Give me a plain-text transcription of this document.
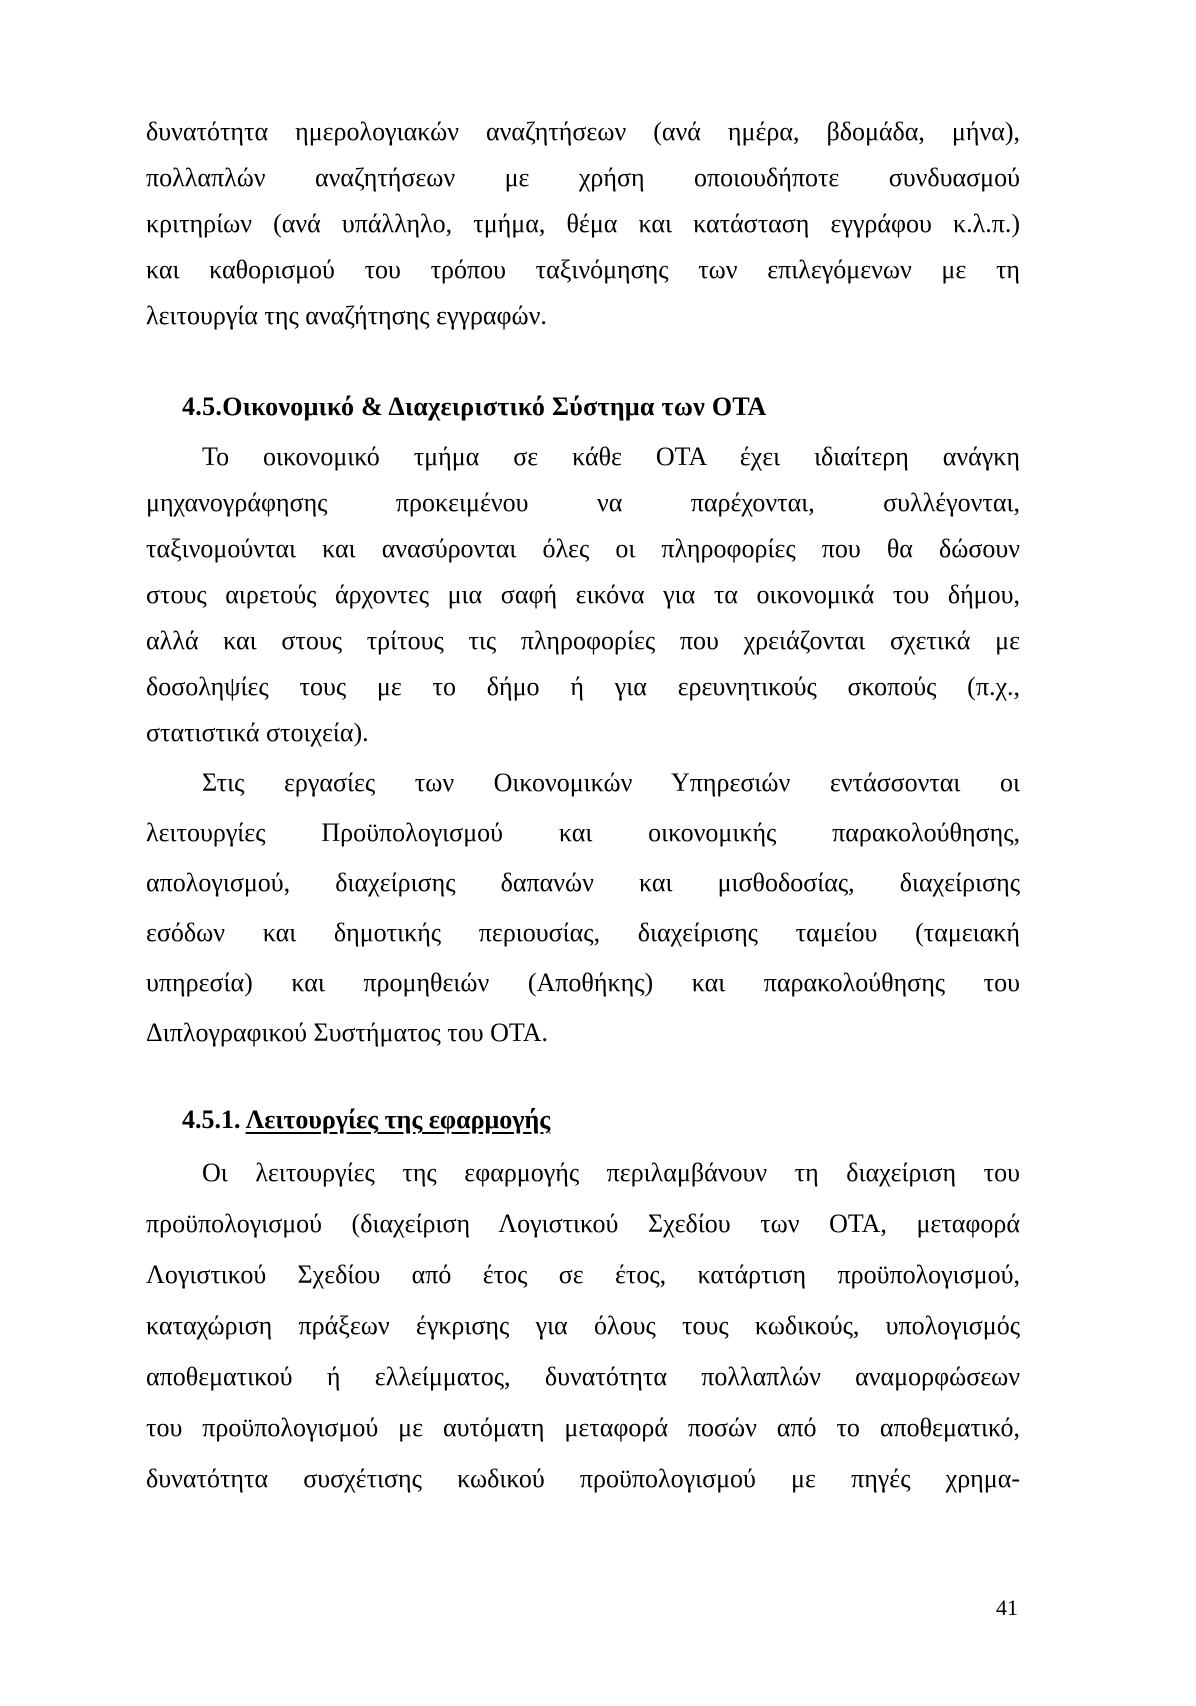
δυνατότητα ημερολογιακών αναζητήσεων (ανά ημέρα, βδομάδα, μήνα),
πολλαπλών αναζητήσεων με χρήση οποιουδήποτε συνδυασμού
κριτηρίων (ανά υπάλληλο, τμήμα, θέμα και κατάσταση εγγράφου κ.λ.π.)
και καθορισμού του τρόπου ταξινόμησης των επιλεγόμενων με τη
λειτουργία της αναζήτησης εγγραφών.
4.5.Οικονομικό & Διαχειριστικό Σύστημα των ΟΤΑ
Το οικονομικό τμήμα σε κάθε ΟΤΑ έχει ιδιαίτερη ανάγκη
μηχανογράφησης προκειμένου να παρέχονται, συλλέγονται,
ταξινομούνται και ανασύρονται όλες οι πληροφορίες που θα δώσουν
στους αιρετούς άρχοντες μια σαφή εικόνα για τα οικονομικά του δήμου,
αλλά και στους τρίτους τις πληροφορίες που χρειάζονται σχετικά με
δοσοληψίες τους με το δήμο ή για ερευνητικούς σκοπούς (π.χ.,
στατιστικά στοιχεία).
Στις εργασίες των Οικονομικών Υπηρεσιών εντάσσονται οι
λειτουργίες Προϋπολογισμού και οικονομικής παρακολούθησης,
απολογισμού, διαχείρισης δαπανών και μισθοδοσίας, διαχείρισης
εσόδων και δημοτικής περιουσίας, διαχείρισης ταμείου (ταμειακή
υπηρεσία) και προμηθειών (Αποθήκης) και παρακολούθησης του
Διπλογραφικού Συστήματος του ΟΤΑ.
4.5.1. Λειτουργίες της εφαρμογής
Οι λειτουργίες της εφαρμογής περιλαμβάνουν τη διαχείριση του
προϋπολογισμού (διαχείριση Λογιστικού Σχεδίου των ΟΤΑ, μεταφορά
Λογιστικού Σχεδίου από έτος σε έτος, κατάρτιση προϋπολογισμού,
καταχώριση πράξεων έγκρισης για όλους τους κωδικούς, υπολογισμός
αποθεματικού ή ελλείμματος, δυνατότητα πολλαπλών αναμορφώσεων
του προϋπολογισμού με αυτόματη μεταφορά ποσών από το αποθεματικό,
δυνατότητα συσχέτισης κωδικού προϋπολογισμού με πηγές χρημα-
41
